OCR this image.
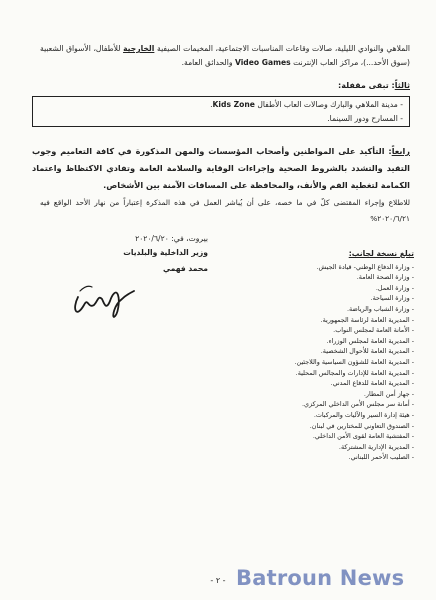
الملاهي والنوادي الليلية، صالات وقاعات المناسبات الاجتماعية، المخيمات الصيفية الخارجية للأطفال، الأسواق الشعبية (سوق الأحد...)، مراكز العاب الإنترنت Video Games والحدائق العامة.

ثالثاً: تبقى مقفلة:
- مدينة الملاهي والبارك وصالات العاب الأطفال Kids Zone.
- المسارح ودور السينما.

رابعاً: التأكيد على المواطنين وأصحاب المؤسسات والمهن المذكورة في كافة التعاميم وجوب التقيد والتشدد بالشروط الصحية وإجراءات الوقاية والسلامة العامة وتفادي الاكتظاظ واعتماد الكمامة لتغطية الفم والأنف، والمحافظة على المسافات الآمنة بين الأشخاص.

للاطلاع وإجراء المقتضى كلٌ في ما خصه، على أن يُباشر العمل في هذه المذكرة إعتباراً من نهار الأحد الواقع فيه ٢٠٢٠/٦/٢١%

بيروت، في: ٢٠٢٠/٦/٢٠
وزير الداخلية والبلديات
محمد فهمي
تبلغ نسخة لجانب:
- وزارة الدفاع الوطني- قيادة الجيش.
- وزارة الصحة العامة.
- وزارة العمل.
- وزارة السياحة.
- وزارة الشباب والرياضة.
- المديرية العامة لرئاسة الجمهورية.
- الأمانة العامة لمجلس النواب.
- المديرية العامة لمجلس الوزراء.
- المديرية العامة للأحوال الشخصية.
- المديرية العامة للشؤون السياسية واللاجئين.
- المديرية العامة للإدارات والمجالس المحلية.
- المديرية العامة للدفاع المدني.
- جهاز أمن المطار.
- أمانة سر مجلس الأمن الداخلي المركزي.
- هيئة إدارة السير والآليات والمركبات.
- الصندوق التعاوني للمختارين في لبنان.
- المفتشية العامة لقوى الأمن الداخلي.
- المديرية الإدارية المشتركة.
- الصليب الأحمر اللبناني.
- ٢ - Batroun News
